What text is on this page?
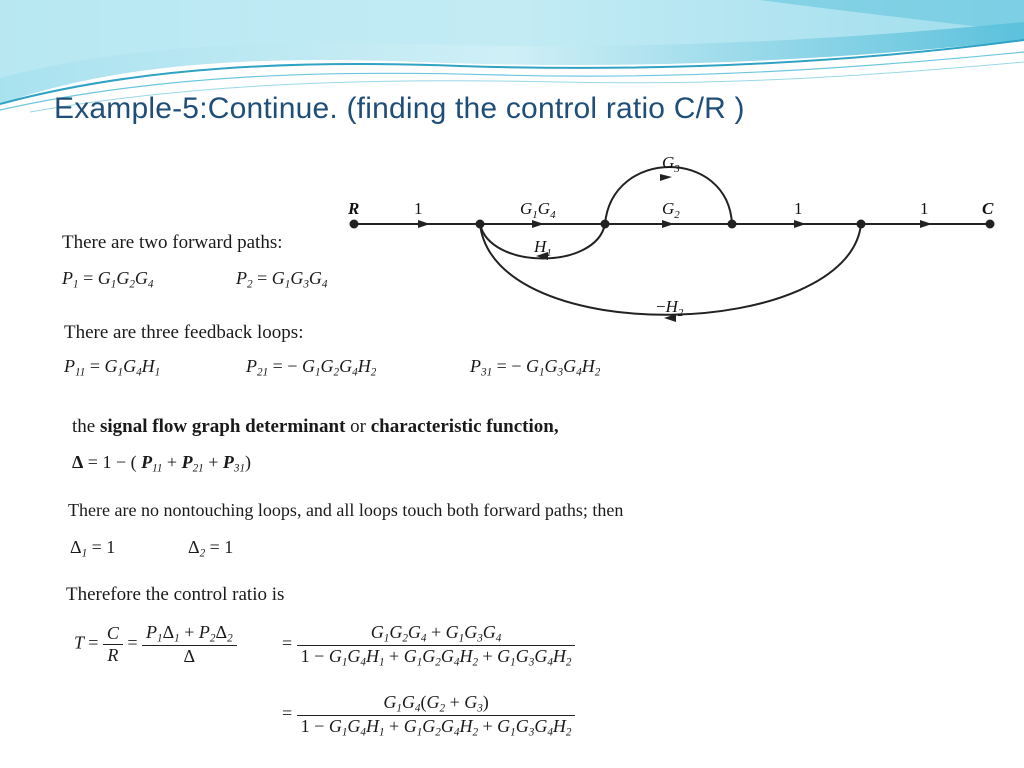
Example-5:Continue. (finding the control ratio C/R )
R	C
1	$G_1G_4$	$G_2$
$G_3$
1	1
$H_1$
$-H_2$
There are two forward paths:
$P_1 = G_1G_2G_4$	$P_2 = G_1G_3G_4$
There are three feedback loops:
$P_{11} = G_1G_4H_1$	$P_{21}$ = − $G_1G_2G_4H_2$	$P_{31}$ = − $G_1G_3G_4H_2$
the signal flow graph determinant or characteristic function,
Δ = 1 − ( $P_{11} + P_{21} + P_{31}$)
There are no nontouching loops, and all loops touch both forward paths; then
$\Delta_1 = 1$	$\Delta_2 = 1$
Therefore the control ratio is
$T = \frac{C}{R} = \frac{P_1\Delta_1 + P_2\Delta_2}{\Delta}$	= $\frac{G_1G_2G_4 + G_1G_3G_4}{1 - G_1G_4H_1 + G_1G_2G_4H_2 + G_1G_3G_4H_2}$
= $\frac{G_1G_4(G_2 + G_3)}{1 - G_1G_4H_1 + G_1G_2G_4H_2 + G_1G_3G_4H_2}$
